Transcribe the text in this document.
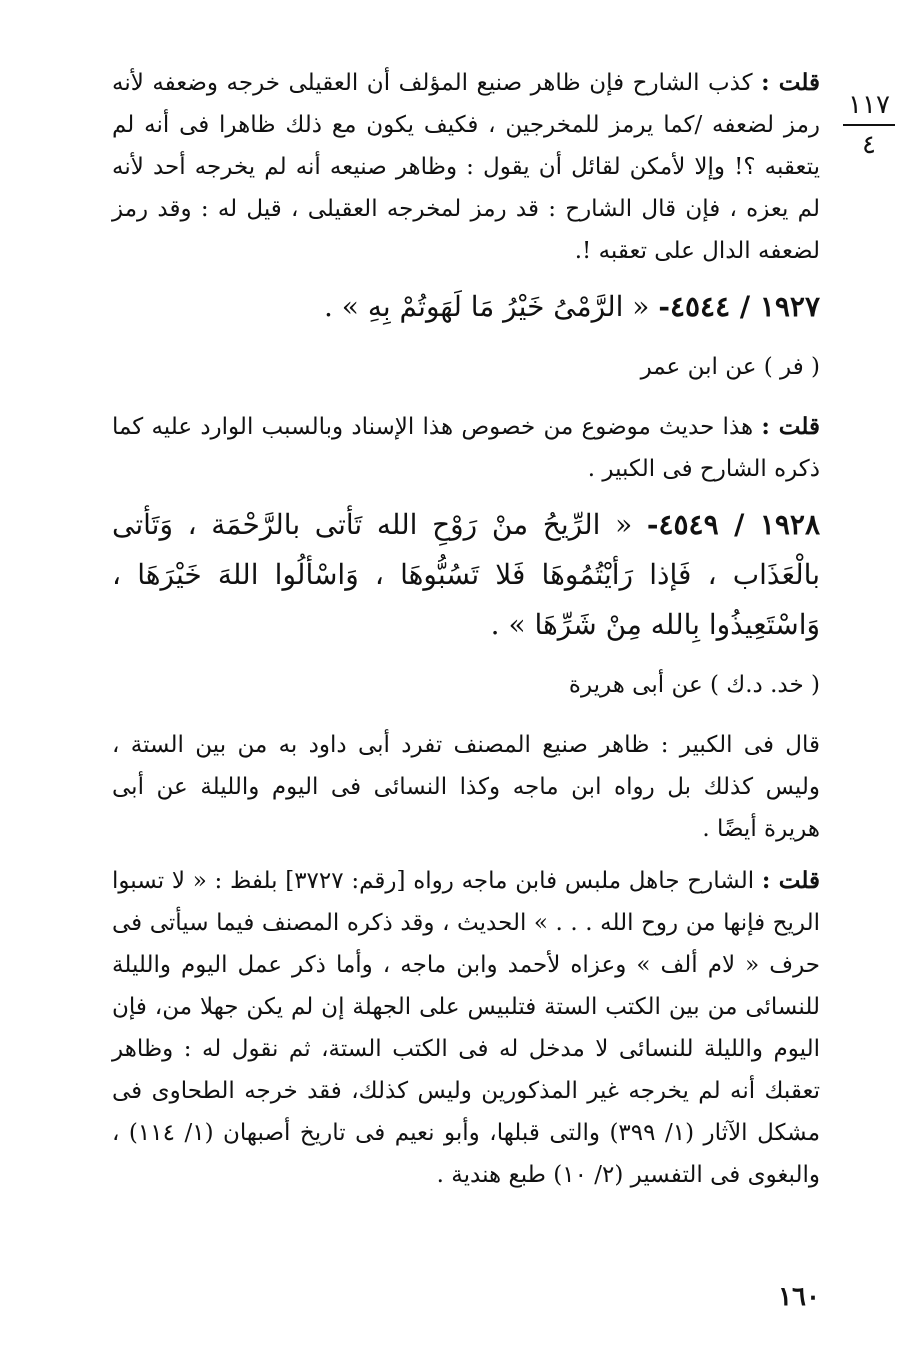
١١٧
٤

قلت : كذب الشارح فإن ظاهر صنيع المؤلف أن العقيلى خرجه وضعفه لأنه رمز لضعفه /كما يرمز للمخرجين ، فكيف يكون مع ذلك ظاهرا فى أنه لم يتعقبه ؟! وإلا لأمكن لقائل أن يقول : وظاهر صنيعه أنه لم يخرجه أحد لأنه لم يعزه ، فإن قال الشارح : قد رمز لمخرجه العقيلى ، قيل له : وقد رمز لضعفه الدال على تعقبه !.

١٩٢٧ / ٤٥٤٤- « الرَّمْىُ خَيْرُ مَا لَهَوتُمْ بِهِ » .

( فر ) عن ابن عمر

قلت : هذا حديث موضوع من خصوص هذا الإسناد وبالسبب الوارد عليه كما ذكره الشارح فى الكبير .

١٩٢٨ / ٤٥٤٩- « الرِّيحُ منْ رَوْحِ الله تَأتى بالرَّحْمَة ، وَتَأتى بالْعَذَاب ، فَإذا رَأيْتُمُوهَا فَلا تَسُبُّوهَا ، وَاسْألُوا اللهَ خَيْرَهَا ، وَاسْتَعِيذُوا بِالله مِنْ شَرِّهَا » .

( خد. د.ك ) عن أبى هريرة

قال فى الكبير : ظاهر صنيع المصنف تفرد أبى داود به من بين الستة ، وليس كذلك بل رواه ابن ماجه وكذا النسائى فى اليوم والليلة عن أبى هريرة أيضًا .

قلت : الشارح جاهل ملبس فابن ماجه رواه [رقم: ٣٧٢٧] بلفظ : « لا تسبوا الريح فإنها من روح الله . . . » الحديث ، وقد ذكره المصنف فيما سيأتى فى حرف « لام ألف » وعزاه لأحمد وابن ماجه ، وأما ذكر عمل اليوم والليلة للنسائى من بين الكتب الستة فتلبيس على الجهلة إن لم يكن جهلا من، فإن اليوم والليلة للنسائى لا مدخل له فى الكتب الستة، ثم نقول له : وظاهر تعقبك أنه لم يخرجه غير المذكورين وليس كذلك، فقد خرجه الطحاوى فى مشكل الآثار (١/ ٣٩٩) والتى قبلها، وأبو نعيم فى تاريخ أصبهان (١/ ١١٤) ، والبغوى فى التفسير (٢/ ١٠) طبع هندية .

١٦٠
